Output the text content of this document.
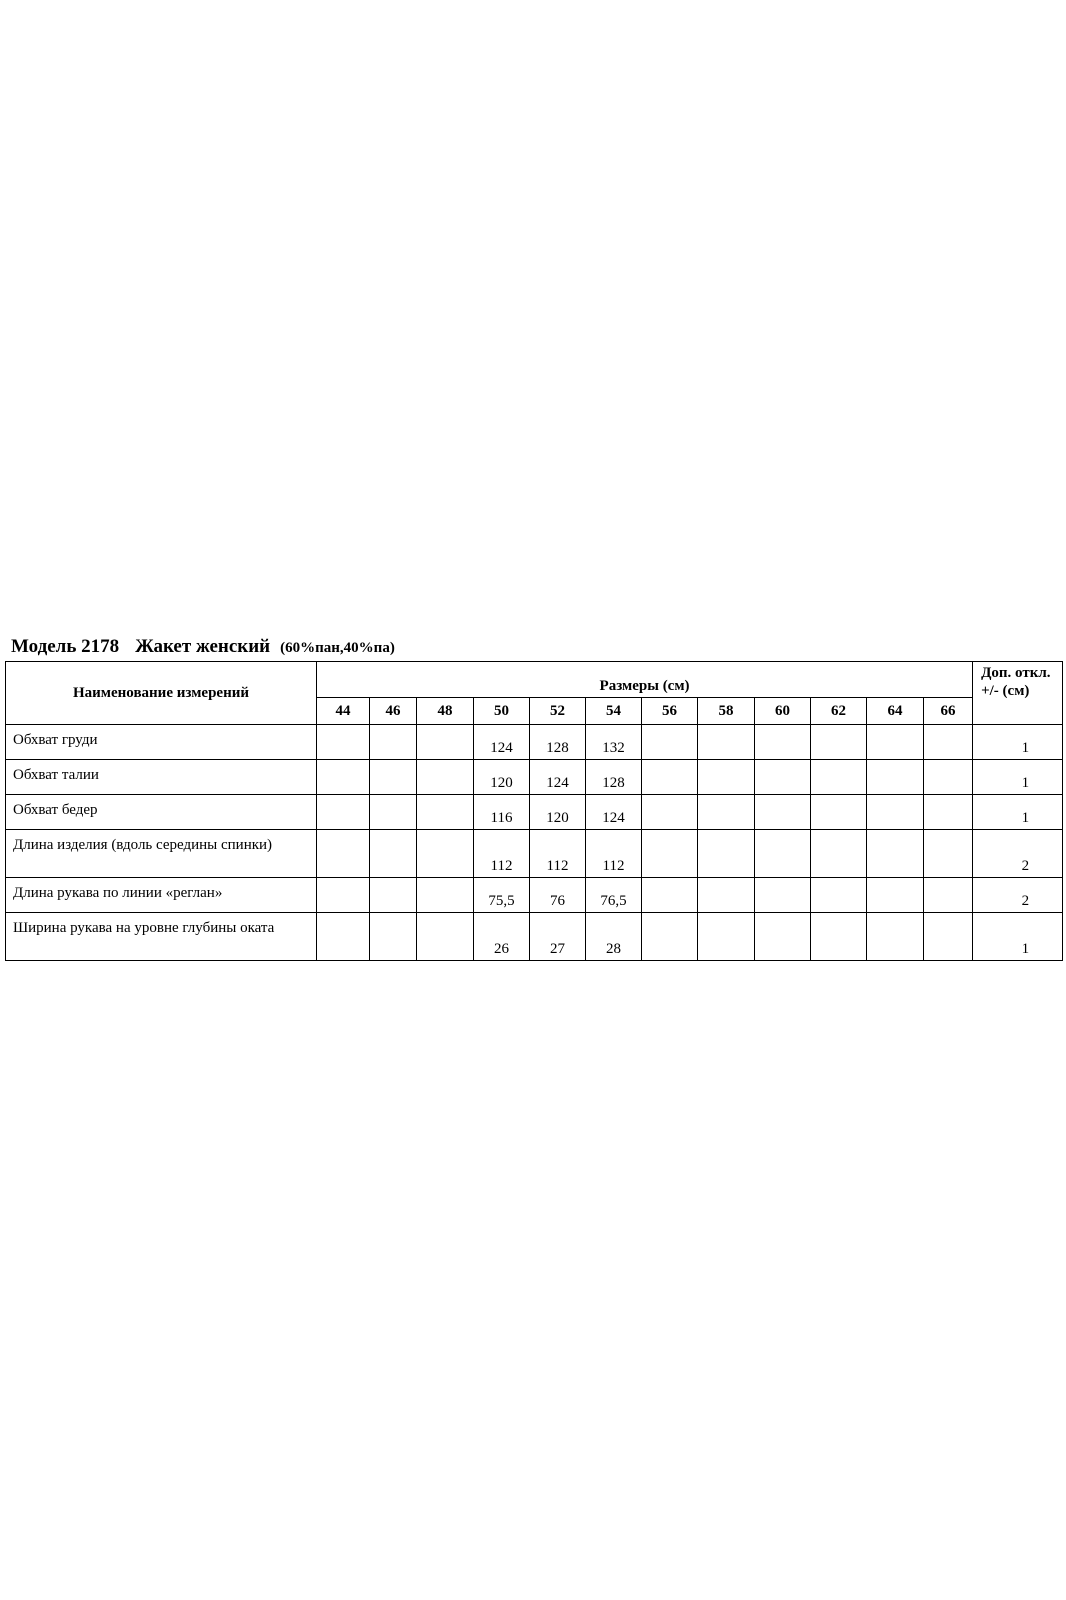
Модель 2178 Жакет женский (60%пан,40%па)
Наименование измерений	Размеры (см)												Доп. откл. +/- (см)
	44	46	48	50	52	54	56	58	60	62	64	66	
Обхват груди				124	128	132							1
Обхват талии				120	124	128							1
Обхват бедер				116	120	124							1
Длина изделия (вдоль середины спинки)				112	112	112							2
Длина рукава по линии «реглан»				75,5	76	76,5							2
Ширина рукава на уровне глубины оката				26	27	28							1
